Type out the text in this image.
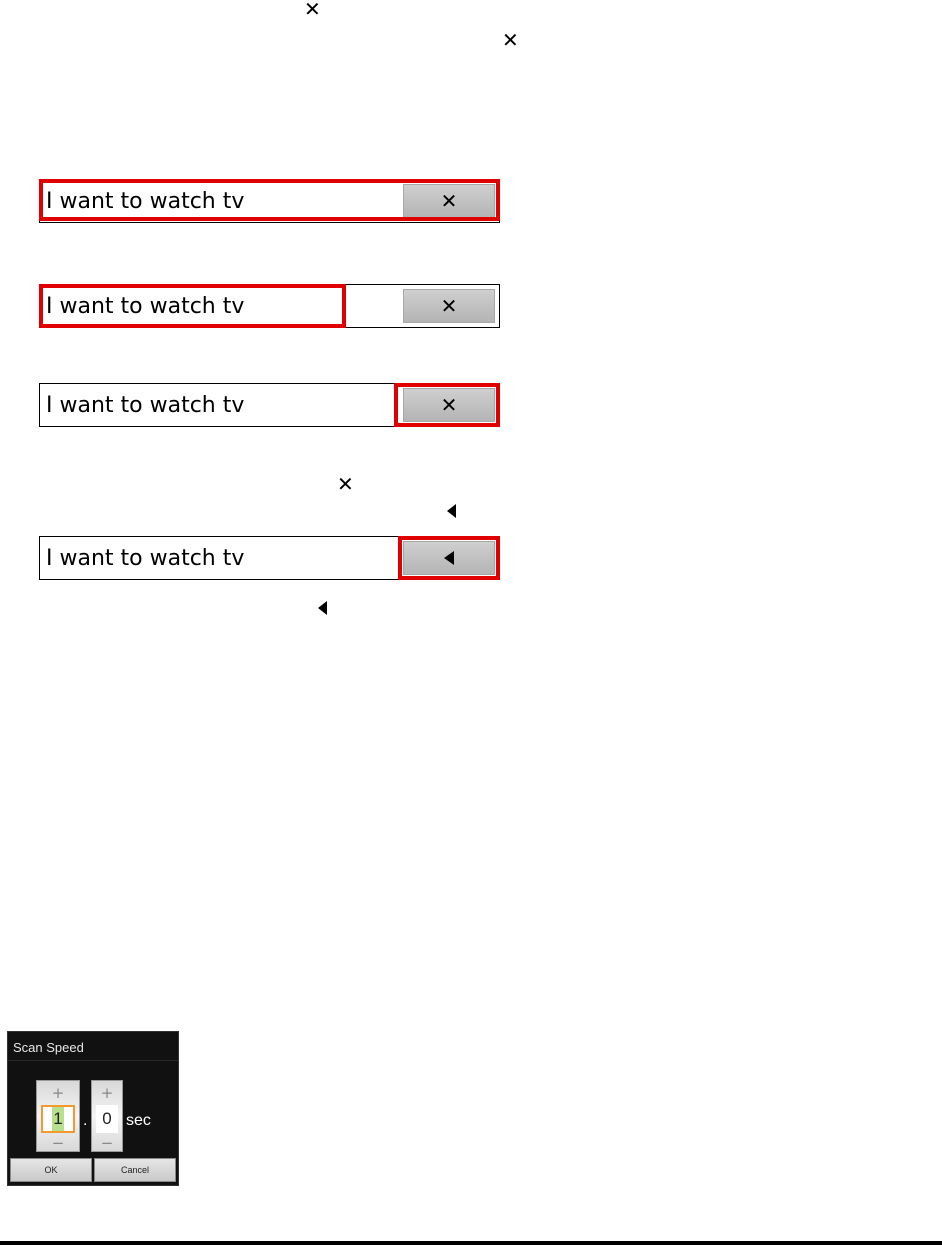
✕
✕
I want to watch tv	✕
I want to watch tv	✕
I want to watch tv	✕
✕
I want to watch tv
Scan Speed
+
1
−
.
+
0
−
sec
OK	Cancel
